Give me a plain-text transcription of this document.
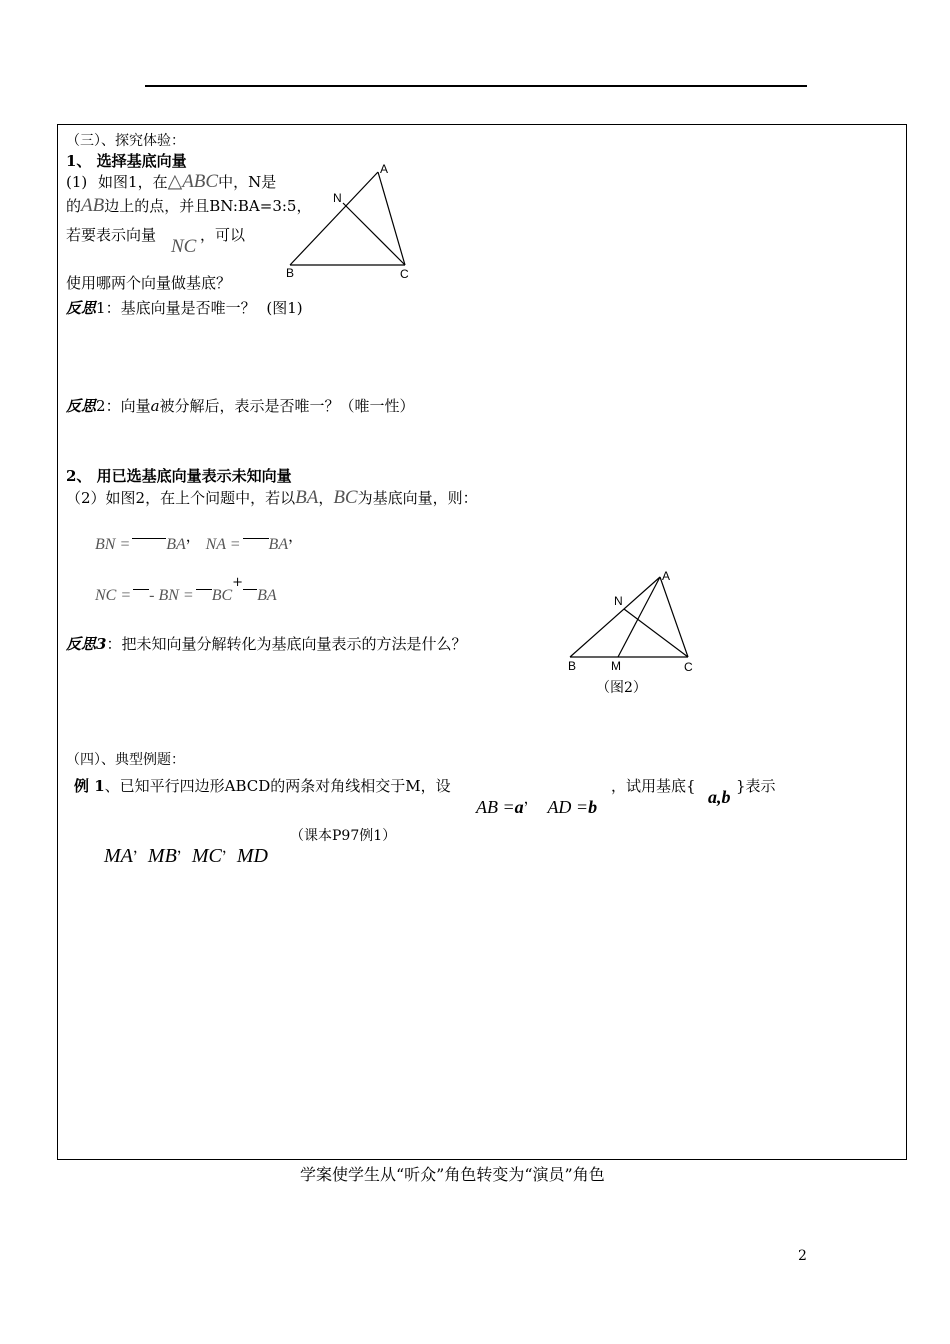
（三）、探究体验：
1、 选择基底向量
(1) 如图1，在△ABC中，N是
的AB边上的点，并且BN:BA=3:5，
若要表示向量
NC
，可以
使用哪两个向量做基底？
A
N
B	C
反思1：基底向量是否唯一？ (图1)
反思2：向量a被分解后，表示是否唯一？（唯一性）
2、 用已选基底向量表示未知向量
（2）如图2，在上个问题中，若以BA，BC为基底向量，则：
BN = BA， NA = BA，
NC = - BN = BC+BA
A
N
B	M	C
（图2）
反思3：把未知向量分解转化为基底向量表示的方法是什么？
（四）、典型例题：
例 1、已知平行四边形ABCD的两条对角线相交于M，设
AB =a， AD =b
，试用基底{
a,b
}表示
MA，MB，MC，MD
（课本P97例1）
学案使学生从“听众”角色转变为“演员”角色
2
